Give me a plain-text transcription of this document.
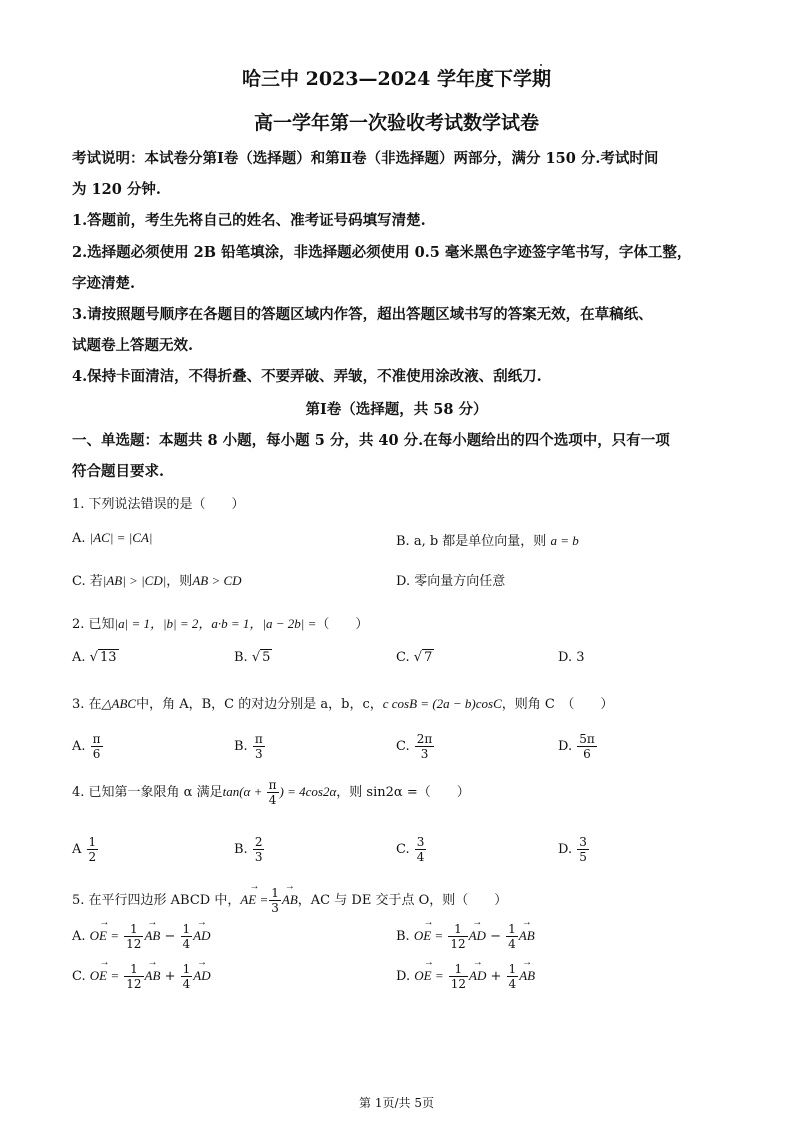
哈三中 2023—2024 学年度下学期
高一学年第一次验收考试数学试卷
考试说明：本试卷分第Ⅰ卷（选择题）和第Ⅱ卷（非选择题）两部分，满分 150 分.考试时间
为 120 分钟.
1.答题前，考生先将自己的姓名、准考证号码填写清楚.
2.选择题必须使用 2B 铅笔填涂，非选择题必须使用 0.5 毫米黑色字迹签字笔书写，字体工整，
字迹清楚.
3.请按照题号顺序在各题目的答题区域内作答，超出答题区域书写的答案无效，在草稿纸、
试题卷上答题无效.
4.保持卡面清洁，不得折叠、不要弄破、弄皱，不准使用涂改液、刮纸刀.
第Ⅰ卷（选择题，共 58 分）
一、单选题：本题共 8 小题，每小题 5 分，共 40 分.在每小题给出的四个选项中，只有一项
符合题目要求.
1. 下列说法错误的是（　　）
A. |AC| = |CA|	B. a, b 都是单位向量，则 a = b
C. 若|AB| > |CD|，则AB > CD	D. 零向量方向任意
2. 已知|a| = 1，|b| = 2，a·b = 1，|a − 2b| =（　　）
A. √ 13	B. √ 5	C. √ 7	D. 3
3. 在△ABC中，角 A，B，C 的对边分别是 a，b，c，c cosB = (2a − b)cosC，则角 C　（　　）
A. $\frac{\pi}{6}$	B. $\frac{\pi}{3}$	C. $\frac{2\pi}{3}$	D. $\frac{5\pi}{6}$
4. 已知第一象限角 α 满足$\tan(\alpha + \frac{\pi}{4}$ ) = 4cos2α，则 sin2α =（　　）
A $\frac{1}{2}$	B. $\frac{2}{3}$	C. $\frac{3}{4}$	D. $\frac{3}{5}$
5. 在平行四边形 ABCD 中，→ AE = $\frac{1}{3}$ → AB，AC 与 DE 交于点 O，则（　　）
A. → OE = $\frac{1}{12}$ → AB − $\frac{1}{4}$ → AD	B. → OE = $\frac{1}{12}$ → AD − $\frac{1}{4}$ → AB
C. → OE = $\frac{1}{12}$ → AB + $\frac{1}{4}$ → AD	D. → OE = $\frac{1}{12}$ → AD + $\frac{1}{4}$ → AB
第 1页/共 5页
